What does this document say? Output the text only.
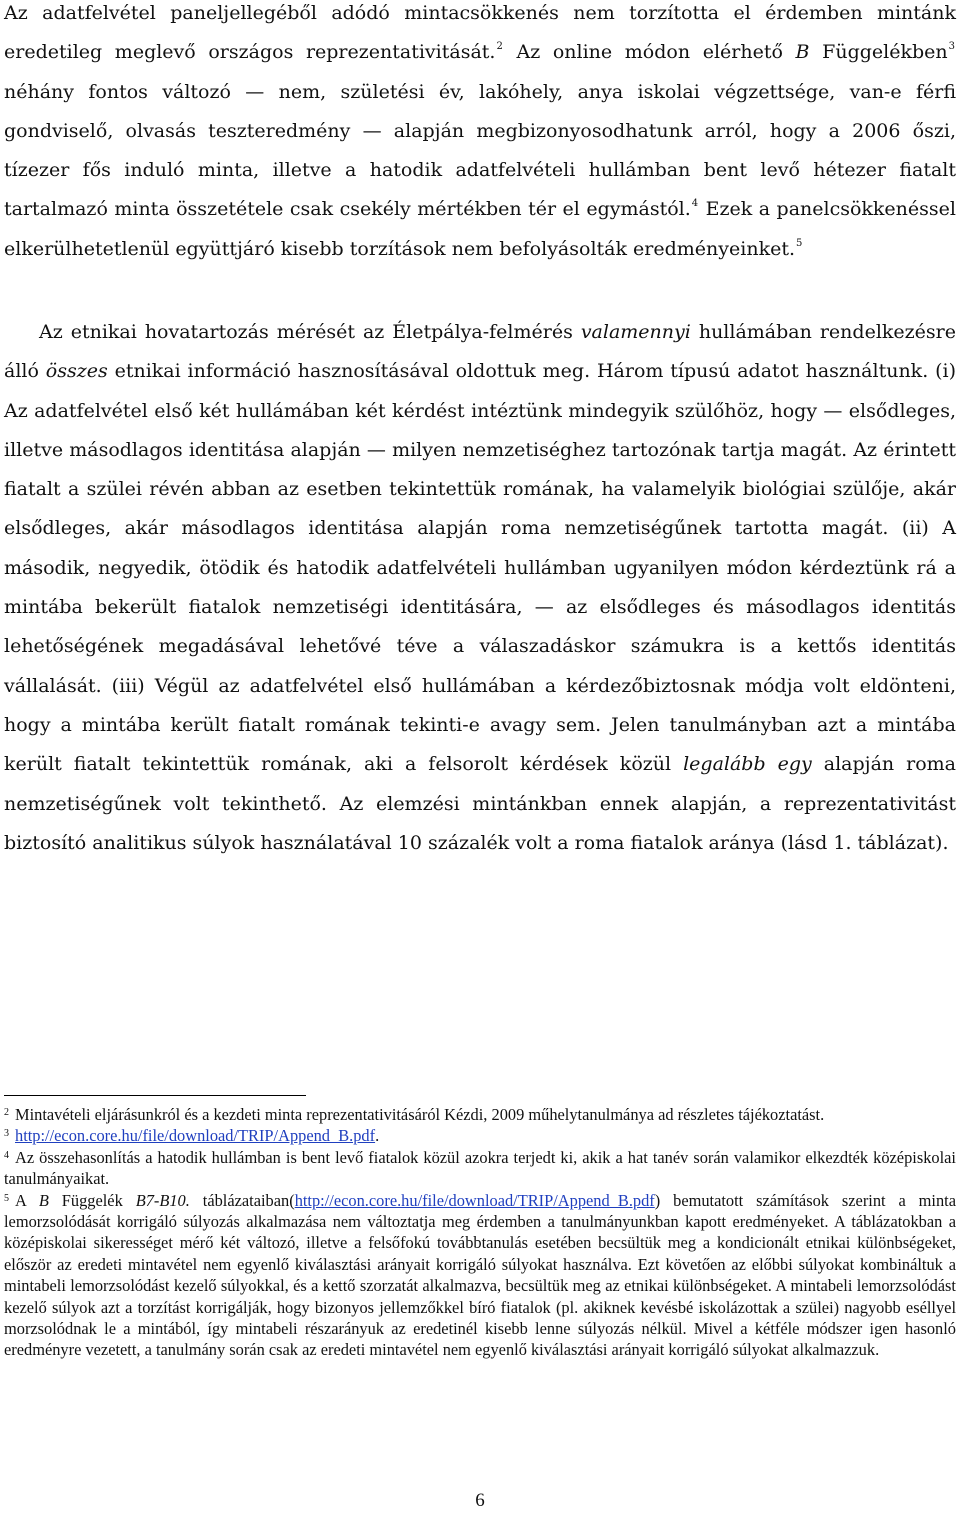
Az adatfelvétel paneljellegéből adódó mintacsökkenés nem torzította el érdemben mintánk eredetileg meglevő országos reprezentativitását.$^2$ Az online módon elérhető B Függelékben$^3$ néhány fontos változó — nem, születési év, lakóhely, anya iskolai végzettsége, van-e férfi gondviselő, olvasás teszteredmény — alapján megbizonyosodhatunk arról, hogy a 2006 őszi, tízezer fős induló minta, illetve a hatodik adatfelvételi hullámban bent levő hétezer fiatalt tartalmazó minta összetétele csak csekély mértékben tér el egymástól.$^4$ Ezek a panelcsökkenéssel elkerülhetetlenül együttjáró kisebb torzítások nem befolyásolták eredményeinket.$^5$

Az etnikai hovatartozás mérését az Életpálya-felmérés valamennyi hullámában rendelkezésre álló összes etnikai információ hasznosításával oldottuk meg. Három típusú adatot használtunk. (i) Az adatfelvétel első két hullámában két kérdést intéztünk mindegyik szülőhöz, hogy — elsődleges, illetve másodlagos identitása alapján — milyen nemzetiséghez tartozónak tartja magát. Az érintett fiatalt a szülei révén abban az esetben tekintettük romának, ha valamelyik biológiai szülője, akár elsődleges, akár másodlagos identitása alapján roma nemzetiségűnek tartotta magát. (ii) A második, negyedik, ötödik és hatodik adatfelvételi hullámban ugyanilyen módon kérdeztünk rá a mintába bekerült fiatalok nemzetiségi identitására, — az elsődleges és másodlagos identitás lehetőségének megadásával lehetővé téve a válaszadáskor számukra is a kettős identitás vállalását. (iii) Végül az adatfelvétel első hullámában a kérdezőbiztosnak módja volt eldönteni, hogy a mintába került fiatalt romának tekinti-e avagy sem. Jelen tanulmányban azt a mintába került fiatalt tekintettük romának, aki a felsorolt kérdések közül legalább egy alapján roma nemzetiségűnek volt tekinthető. Az elemzési mintánkban ennek alapján, a reprezentativitást biztosító analitikus súlyok használatával 10 százalék volt a roma fiatalok aránya (lásd 1. táblázat).

$^2$ Mintavételi eljárásunkról és a kezdeti minta reprezentativitásáról Kézdi, 2009 műhelytanulmánya ad részletes tájékoztatást.

$^3$ http://econ.core.hu/file/download/TRIP/Append_B.pdf.

$^4$ Az összehasonlítás a hatodik hullámban is bent levő fiatalok közül azokra terjedt ki, akik a hat tanév során valamikor elkezdték középiskolai tanulmányaikat.

$^5$ A B Függelék B7-B10. táblázataiban(http://econ.core.hu/file/download/TRIP/Append_B.pdf) bemutatott számítások szerint a minta lemorzsolódását korrigáló súlyozás alkalmazása nem változtatja meg érdemben a tanulmányunkban kapott eredményeket. A táblázatokban a középiskolai sikerességet mérő két változó, illetve a felsőfokú továbbtanulás esetében becsültük meg a kondicionált etnikai különbségeket, először az eredeti mintavétel nem egyenlő kiválasztási arányait korrigáló súlyokat használva. Ezt követően az előbbi súlyokat kombináltuk a mintabeli lemorzsolódást kezelő súlyokkal, és a kettő szorzatát alkalmazva, becsültük meg az etnikai különbségeket. A mintabeli lemorzsolódást kezelő súlyok azt a torzítást korrigálják, hogy bizonyos jellemzőkkel bíró fiatalok (pl. akiknek kevésbé iskolázottak a szülei) nagyobb eséllyel morzsolódnak le a mintából, így mintabeli részarányuk az eredetinél kisebb lenne súlyozás nélkül. Mivel a kétféle módszer igen hasonló eredményre vezetett, a tanulmány során csak az eredeti mintavétel nem egyenlő kiválasztási arányait korrigáló súlyokat alkalmazzuk.

6
